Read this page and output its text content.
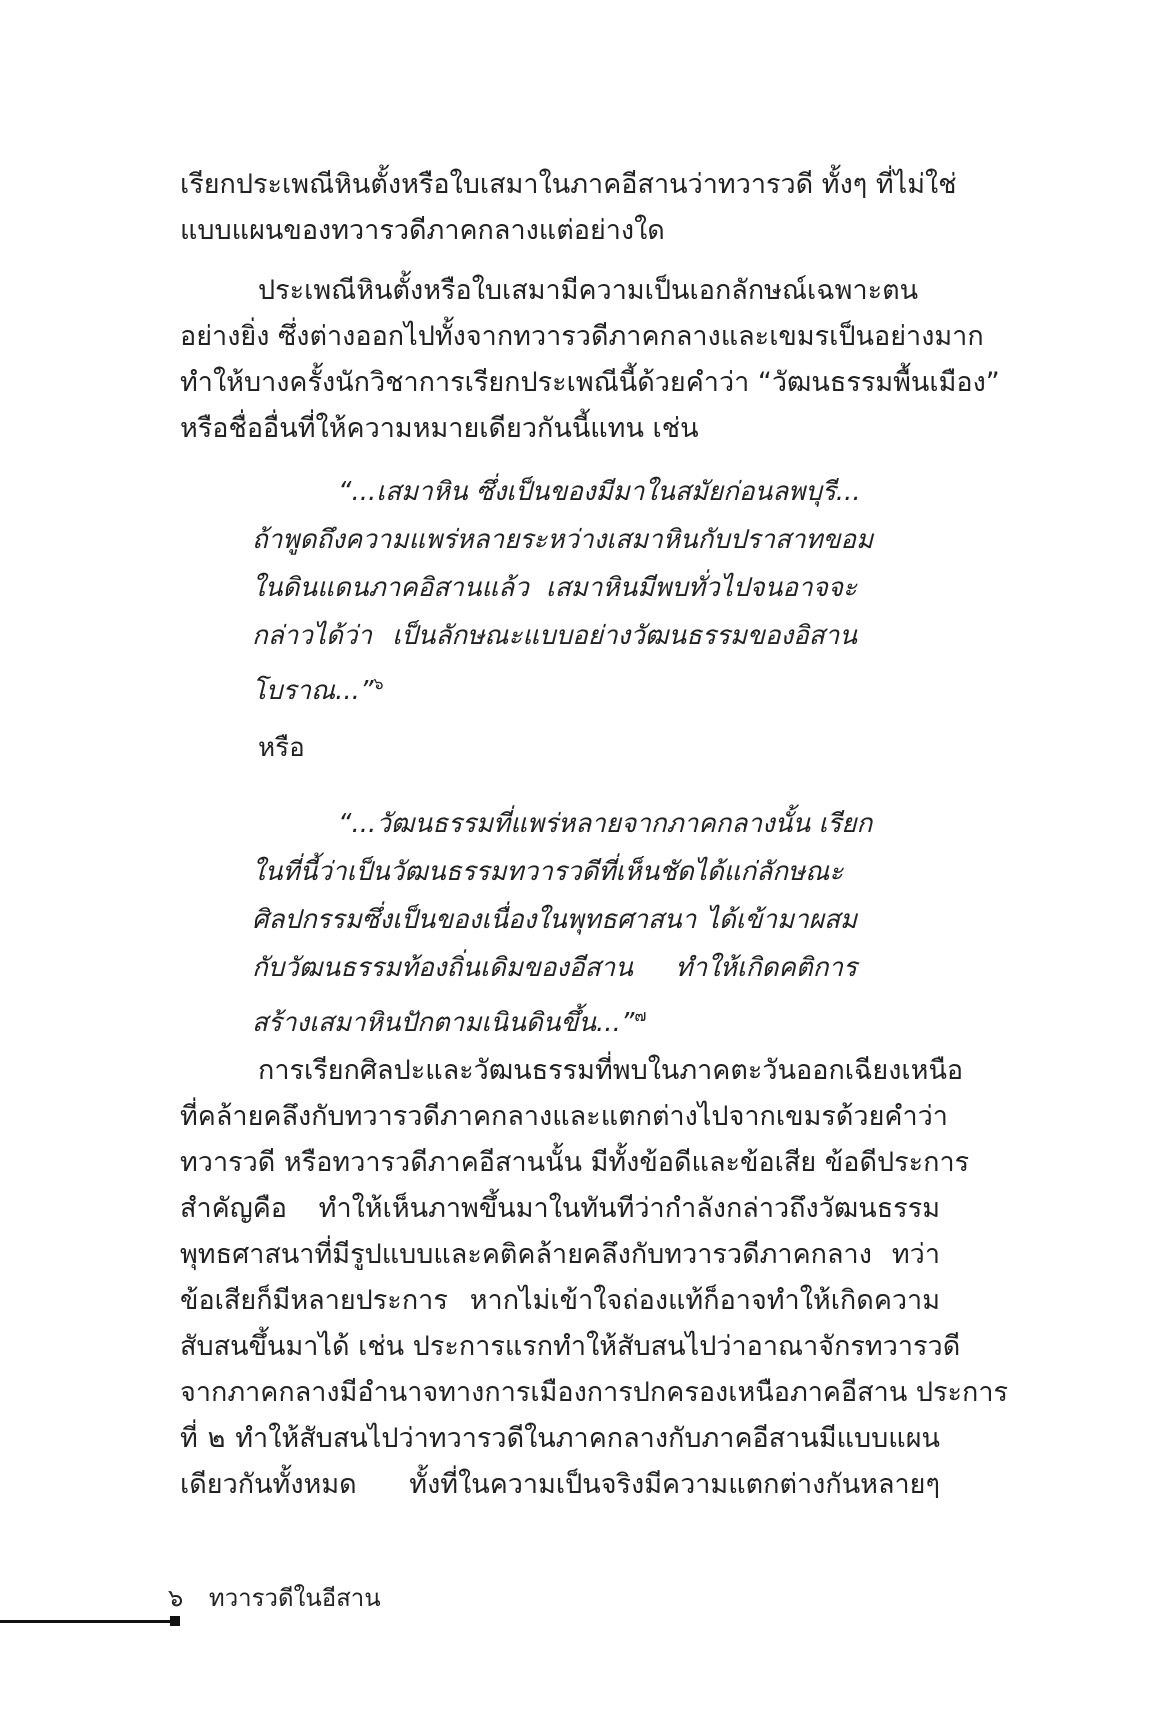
เรียกประเพณีหินตั้งหรือใบเสมาในภาคอีสานว่าทวารวดี ทั้งๆ ที่ไม่ใช่
แบบแผนของทวารวดีภาคกลางแต่อย่างใด
ประเพณีหินตั้งหรือใบเสมามีความเป็นเอกลักษณ์เฉพาะตน
อย่างยิ่ง ซึ่งต่างออกไปทั้งจากทวารวดีภาคกลางและเขมรเป็นอย่างมาก
ทำให้บางครั้งนักวิชาการเรียกประเพณีนี้ด้วยคำว่า “วัฒนธรรมพื้นเมือง”
หรือชื่ออื่นที่ให้ความหมายเดียวกันนี้แทน เช่น
“...เสมาหิน ซึ่งเป็นของมีมาในสมัยก่อนลพบุรี...
ถ้าพูดถึงความแพร่หลายระหว่างเสมาหินกับปราสาทขอม
ในดินแดนภาคอิสานแล้ว เสมาหินมีพบทั่วไปจนอาจจะ
กล่าวได้ว่า เป็นลักษณะแบบอย่างวัฒนธรรมของอิสาน
โบราณ...”$^๖$
หรือ
“...วัฒนธรรมที่แพร่หลายจากภาคกลางนั้น เรียก
ในที่นี้ว่าเป็นวัฒนธรรมทวารวดีที่เห็นชัดได้แก่ลักษณะ
ศิลปกรรมซึ่งเป็นของเนื่องในพุทธศาสนา ได้เข้ามาผสม
กับวัฒนธรรมท้องถิ่นเดิมของอีสาน ทำให้เกิดคติการ
สร้างเสมาหินปักตามเนินดินขึ้น...”$^๗$
การเรียกศิลปะและวัฒนธรรมที่พบในภาคตะวันออกเฉียงเหนือ
ที่คล้ายคลึงกับทวารวดีภาคกลางและแตกต่างไปจากเขมรด้วยคำว่า
ทวารวดี หรือทวารวดีภาคอีสานนั้น มีทั้งข้อดีและข้อเสีย ข้อดีประการ
สำคัญคือ ทำให้เห็นภาพขึ้นมาในทันทีว่ากำลังกล่าวถึงวัฒนธรรม
พุทธศาสนาที่มีรูปแบบและคติคล้ายคลึงกับทวารวดีภาคกลาง ทว่า
ข้อเสียก็มีหลายประการ หากไม่เข้าใจถ่องแท้ก็อาจทำให้เกิดความ
สับสนขึ้นมาได้ เช่น ประการแรกทำให้สับสนไปว่าอาณาจักรทวารวดี
จากภาคกลางมีอำนาจทางการเมืองการปกครองเหนือภาคอีสาน ประการ
ที่ ๒ ทำให้สับสนไปว่าทวารวดีในภาคกลางกับภาคอีสานมีแบบแผน
เดียวกันทั้งหมด ทั้งที่ในความเป็นจริงมีความแตกต่างกันหลายๆ
๖ ทวารวดีในอีสาน
